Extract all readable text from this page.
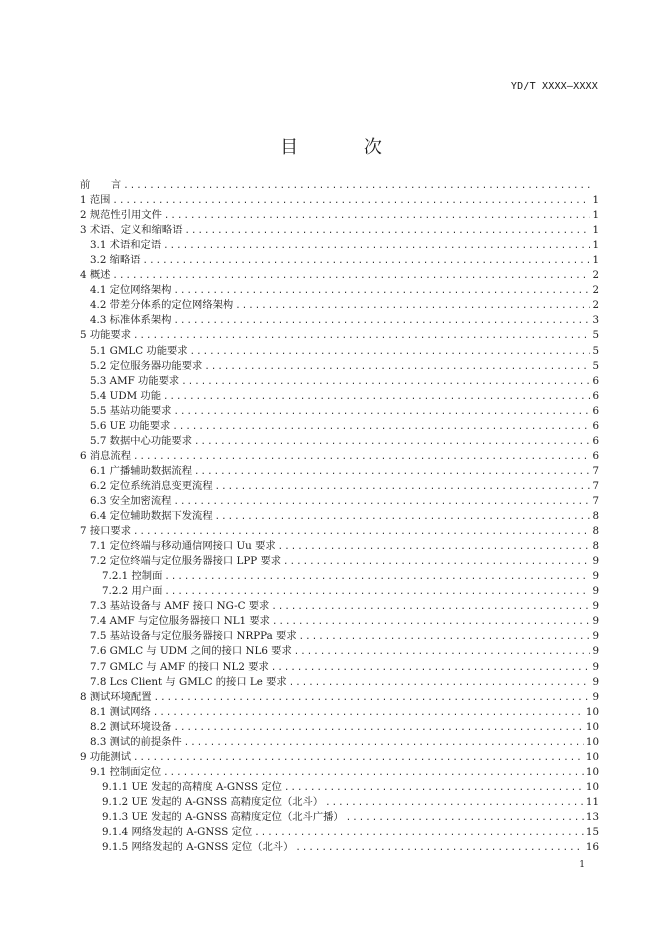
YD/T XXXX—XXXX
目 次
前　　言
.....
1 范围 .....	1
2 规范性引用文件 .....	1
3 术语、定义和缩略语 .....	1
3.1 术语和定语 .....	1
3.2 缩略语 .....	1
4 概述 .....	2
4.1 定位网络架构 .....	2
4.2 带差分体系的定位网络架构 .....	2
4.3 标准体系架构 .....	3
5 功能要求 .....	5
5.1 GMLC 功能要求 .....	5
5.2 定位服务器功能要求 .....	5
5.3 AMF 功能要求 .....	6
5.4 UDM 功能 .....	6
5.5 基站功能要求 .....	6
5.6 UE 功能要求 .....	6
5.7 数据中心功能要求 .....	6
6 消息流程 .....	6
6.1 广播辅助数据流程 .....	7
6.2 定位系统消息变更流程 .....	7
6.3 安全加密流程 .....	7
6.4 定位辅助数据下发流程 .....	8
7 接口要求 .....	8
7.1 定位终端与移动通信网接口 Uu 要求 .....	8
7.2 定位终端与定位服务器接口 LPP 要求 .....	9
7.2.1 控制面 .....	9
7.2.2 用户面 .....	9
7.3 基站设备与 AMF 接口 NG-C 要求 .....	9
7.4 AMF 与定位服务器接口 NL1 要求 .....	9
7.5 基站设备与定位服务器接口 NRPPa 要求 .....	9
7.6 GMLC 与 UDM 之间的接口 NL6 要求 .....	9
7.7 GMLC 与 AMF 的接口 NL2 要求 .....	9
7.8 Lcs Client 与 GMLC 的接口 Le 要求 .....	9
8 测试环境配置 .....	9
8.1 测试网络 .....	10
8.2 测试环境设备 .....	10
8.3 测试的前提条件 .....	10
9 功能测试 .....	10
9.1 控制面定位 .....	10
9.1.1 UE 发起的高精度 A-GNSS 定位 .....	10
9.1.2 UE 发起的 A-GNSS 高精度定位（北斗） .....	11
9.1.3 UE 发起的 A-GNSS 高精度定位（北斗广播） .....	13
9.1.4 网络发起的 A-GNSS 定位 .....	15
9.1.5 网络发起的 A-GNSS 定位（北斗） .....	16
1
